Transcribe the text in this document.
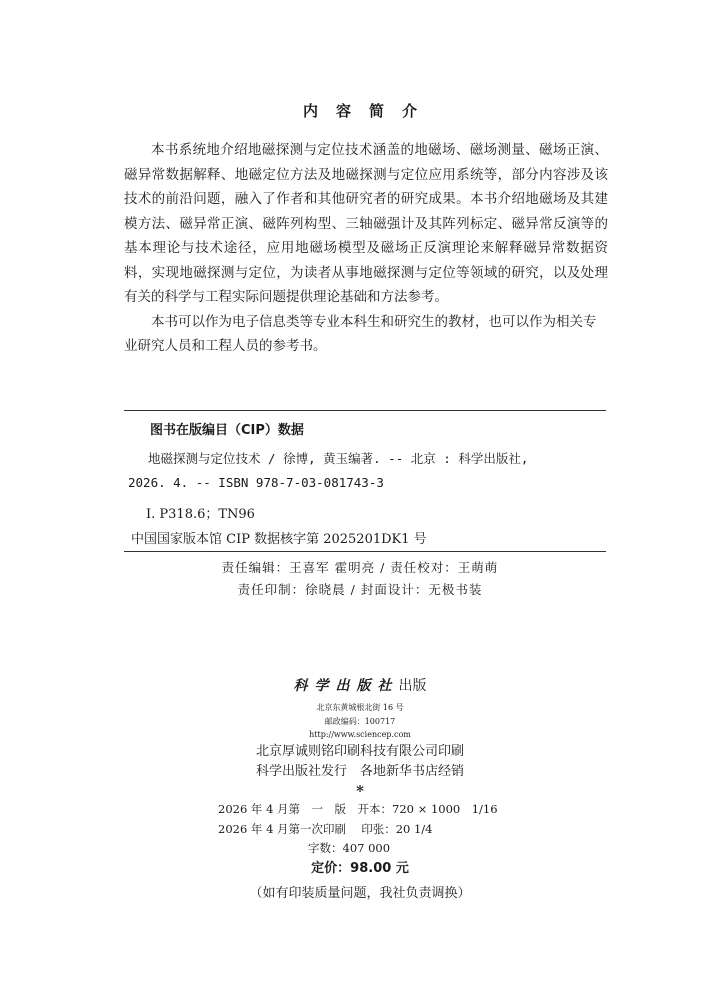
内容简介

本书系统地介绍地磁探测与定位技术涵盖的地磁场、磁场测量、磁场正演、磁异常数据解释、地磁定位方法及地磁探测与定位应用系统等，部分内容涉及该技术的前沿问题，融入了作者和其他研究者的研究成果。本书介绍地磁场及其建模方法、磁异常正演、磁阵列构型、三轴磁强计及其阵列标定、磁异常反演等的基本理论与技术途径，应用地磁场模型及磁场正反演理论来解释磁异常数据资料，实现地磁探测与定位，为读者从事地磁探测与定位等领域的研究，以及处理有关的科学与工程实际问题提供理论基础和方法参考。

本书可以作为电子信息类等专业本科生和研究生的教材，也可以作为相关专业研究人员和工程人员的参考书。

图书在版编目（CIP）数据
地磁探测与定位技术 / 徐博, 黄玉编著. -- 北京 : 科学出版社,
2026. 4. -- ISBN 978-7-03-081743-3
Ⅰ. P318.6；TN96
中国国家版本馆 CIP 数据核字第 2025201DK1 号
责任编辑：王喜军 霍明亮 / 责任校对：王萌萌
责任印制：徐晓晨 / 封面设计：无极书装
科学出版社出版
北京东黄城根北街 16 号
邮政编码：100717
http://www.sciencep.com
北京厚诚则铭印刷科技有限公司印刷
科学出版社发行　各地新华书店经销
*
2026 年 4 月第　一　版　开本：720 × 1000　1/16
2026 年 4 月第一次印刷　 印张：20 1/4
字数：407 000
定价：98.00 元
（如有印装质量问题，我社负责调换）
